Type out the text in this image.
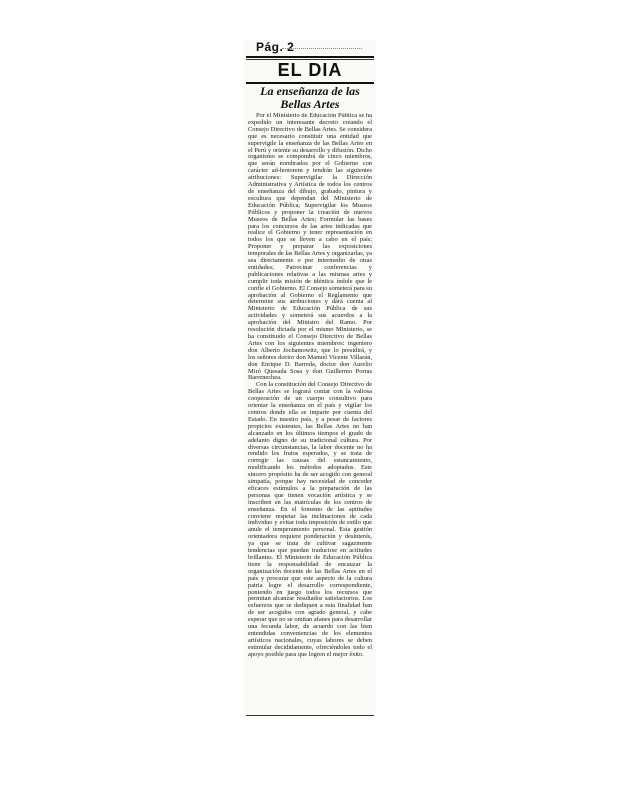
Pág. 2
EL DIA
La enseñanza de las Bellas Artes

Por el Ministerio de Educación Pública se ha expedido un interesante decreto creando el Consejo Directivo de Bellas Artes. Se considera que es necesario constituir una entidad que supervigile la enseñanza de las Bellas Artes en el Perú y oriente su desarrollo y difusión. Dicho organismo se compondrá de cinco miembros, que serán nombrados por el Gobierno con carácter ad-honorem y tendrán las siguientes atribuciones: Supervigilar la Dirección Administrativa y Artística de todos los centros de enseñanza del dibujo, grabado, pintura y escultura que dependan del Ministerio de Educación Pública; Supervigilar los Museos Públicos y proponer la creación de nuevos Museos de Bellas Artes; Formular las bases para los concursos de las artes indicadas que realice el Gobierno y tener representación en todos los que se lleven a cabo en el país; Proponer y preparar las exposiciones temporales de las Bellas Artes y organizarlas, ya sea directamente o por intermedio de otras entidades; Patrocinar conferencias y publicaciones relativas a las mismas artes y cumplir toda misión de idéntica índole que le confíe el Gobierno. El Consejo someterá para su aprobación al Gobierno el Reglamento que determine sus atribuciones y dará cuenta al Ministerio de Educación Pública de sus actividades y someterá sus acuerdos a la aprobación del Ministro del Ramo. Por resolución dictada por el mismo Ministerio, se ha constituido el Consejo Directivo de Bellas Artes con los siguientes miembros: ingeniero don Alberto Jochamowitz, que lo presidirá, y los señores doctor don Manuel Vicente Villarán, don Enrique D. Barreda, doctor don Aurelio Miró Quesada Sosa y don Guillermo Porras Barrenechea.

Con la constitución del Consejo Directivo de Bellas Artes se logrará contar con la valiosa cooperación de un cuerpo consultivo para orientar la enseñanza en el país y vigilar los centros donde ella se imparte por cuenta del Estado. En nuestro país, y a pesar de factores propicios existentes, las Bellas Artes no han alcanzado en los últimos tiempos el grado de adelanto digno de su tradicional cultura. Por diversas circunstancias, la labor docente no ha rendido los frutos esperados, y se trata de corregir las causas del estancamiento, modificando los métodos adoptados. Este sincero propósito ha de ser acogido con general simpatía, porque hay necesidad de conceder eficaces estímulos a la preparación de las personas que tienen vocación artística y se inscriben en las matrículas de los centros de enseñanza. En el fomento de las aptitudes conviene respetar las inclinaciones de cada individuo y evitar toda imposición de estilo que anule el temperamento personal. Esta gestión orientadora requiere ponderación y desinterés, ya que se trata de cultivar sagazmente tendencias que puedan traducirse en actitudes brillantes. El Ministerio de Educación Pública tiene la responsabilidad de encauzar la organización docente de las Bellas Artes en el país y procurar que este aspecto de la cultura patria logre el desarrollo correspondiente, poniendo en juego todos los recursos que permitan alcanzar resultados satisfactorios. Los esfuerzos que se dediquen a esta finalidad han de ser acogidos con agrado general, y cabe esperar que no se omitan afanes para desarrollar una fecunda labor, de acuerdo con las bien entendidas conveniencias de los elementos artísticos nacionales, cuyas labores se deben estimular decididamente, ofreciéndoles todo el apoyo posible para que logren el mejor éxito.
